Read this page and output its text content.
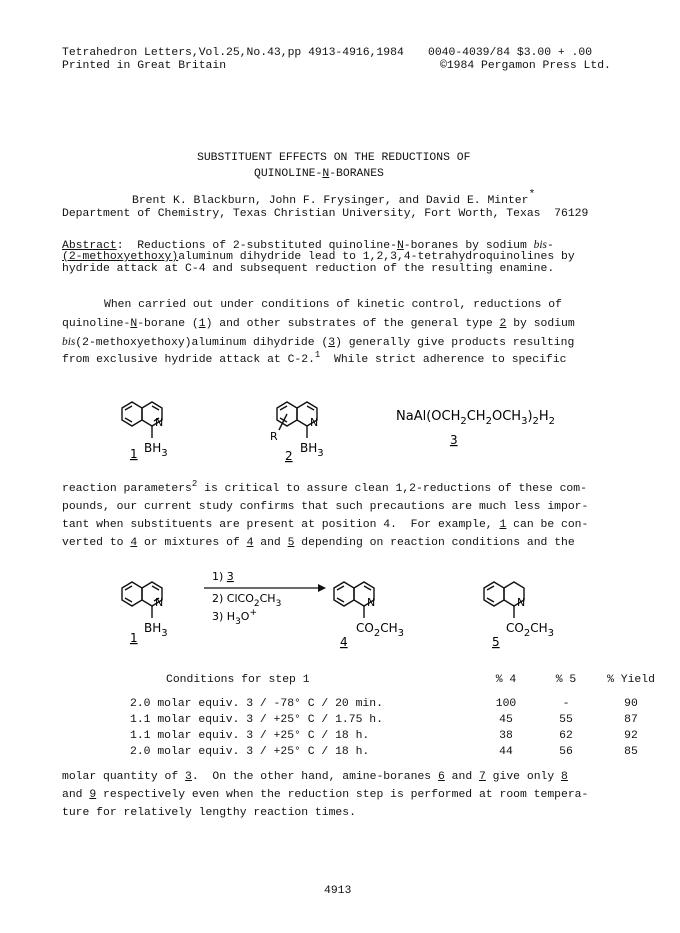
Tetrahedron Letters,Vol.25,No.43,pp 4913-4916,1984 0040-4039/84 $3.00 + .00
Printed in Great Britain	©1984 Pergamon Press Ltd.
SUBSTITUENT EFFECTS ON THE REDUCTIONS OF
QUINOLINE-N-BORANES
Brent K. Blackburn, John F. Frysinger, and David E. Minter*
Department of Chemistry, Texas Christian University, Fort Worth, Texas  76129
Abstract:  Reductions of 2-substituted quinoline-N-boranes by sodium bis-
(2-methoxyethoxy)aluminum dihydride lead to 1,2,3,4-tetrahydroquinolines by
hydride attack at C-4 and subsequent reduction of the resulting enamine.
When carried out under conditions of kinetic control, reductions of
quinoline-N-borane (1) and other substrates of the general type 2 by sodium
bis(2-methoxyethoxy)aluminum dihydride (3) generally give products resulting
from exclusive hydride attack at C-2.$^1$  While strict adherence to specific
N
$BH_3$
1
N
R
$BH_3$
2
$NaAl(OCH_2CH_2OCH_3)_2H_2$
3
reaction parameters$^2$ is critical to assure clean 1,2-reductions of these com-
pounds, our current study confirms that such precautions are much less impor-
tant when substituents are present at position 4.  For example, 1 can be con-
verted to 4 or mixtures of 4 and 5 depending on reaction conditions and the
N
$BH_3$
1
1) 3
2) $ClCO_2CH_3$
3) $H_3O^+$
N
$CO_2CH_3$
4
N
$CO_2CH_3$
5
Conditions for step 1	% 4	% 5	% Yield
2.0 molar equiv. 3 / -78° C / 20 min.	100	-	90
1.1 molar equiv. 3 / +25° C / 1.75 h.	45	55	87
1.1 molar equiv. 3 / +25° C / 18 h.	38	62	92
2.0 molar equiv. 3 / +25° C / 18 h.	44	56	85
molar quantity of 3.  On the other hand, amine-boranes 6 and 7 give only 8
and 9 respectively even when the reduction step is performed at room tempera-
ture for relatively lengthy reaction times.
4913
